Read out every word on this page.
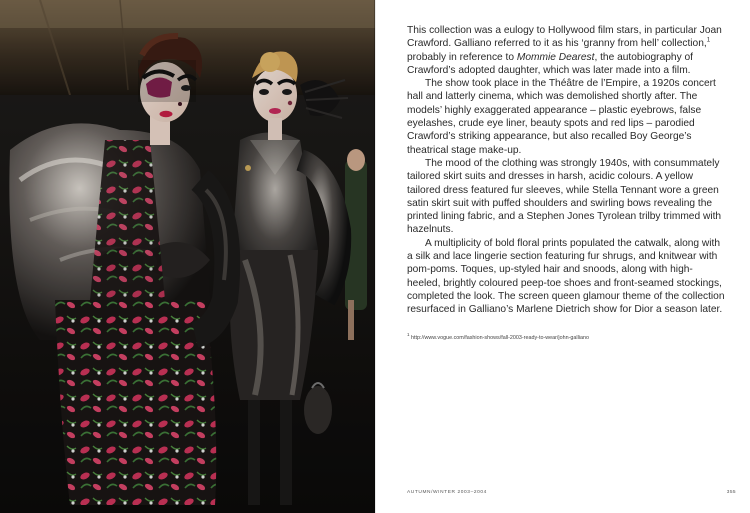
This collection was a eulogy to Hollywood film stars, in particular Joan Crawford. Galliano referred to it as his ‘granny from hell’ collection,$^1$ probably in reference to Mommie Dearest, the autobiography of Crawford’s adopted daughter, which was later made into a film.

The show took place in the Théâtre de l’Empire, a 1920s concert hall and latterly cinema, which was demolished shortly after. The models’ highly exaggerated appearance – plastic eyebrows, false eyelashes, crude eye liner, beauty spots and red lips – parodied Crawford’s striking appearance, but also recalled Boy George’s theatrical stage make-up.

The mood of the clothing was strongly 1940s, with consummately tailored skirt suits and dresses in harsh, acidic colours. A yellow tailored dress featured fur sleeves, while Stella Tennant wore a green satin skirt suit with puffed shoulders and swirling bows revealing the printed lining fabric, and a Stephen Jones Tyrolean trilby trimmed with hazelnuts.

A multiplicity of bold floral prints populated the catwalk, along with a silk and lace lingerie section featuring fur shrugs, and knitwear with pom-poms. Toques, up-styled hair and snoods, along with high-heeled, brightly coloured peep-toe shoes and front-seamed stockings, completed the look. The screen queen glamour theme of the collection resurfaced in Galliano’s Marlene Dietrich show for Dior a season later.

$^1$ http://www.vogue.com/fashion-shows/fall-2003-ready-to-wear/john-galliano
AUTUMN/WINTER 2003–2004	355
